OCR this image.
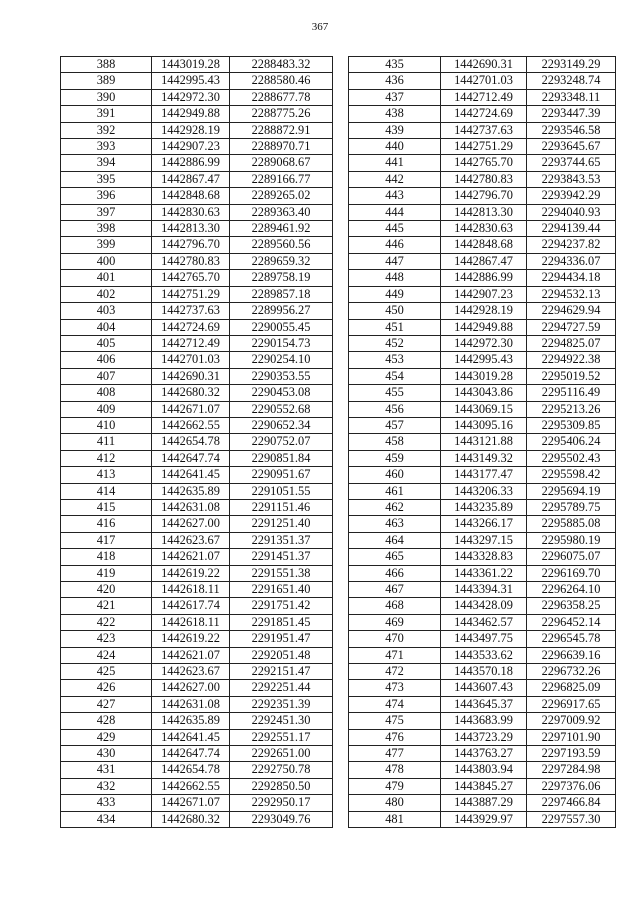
367
388	1443019.28	2288483.32
389	1442995.43	2288580.46
390	1442972.30	2288677.78
391	1442949.88	2288775.26
392	1442928.19	2288872.91
393	1442907.23	2288970.71
394	1442886.99	2289068.67
395	1442867.47	2289166.77
396	1442848.68	2289265.02
397	1442830.63	2289363.40
398	1442813.30	2289461.92
399	1442796.70	2289560.56
400	1442780.83	2289659.32
401	1442765.70	2289758.19
402	1442751.29	2289857.18
403	1442737.63	2289956.27
404	1442724.69	2290055.45
405	1442712.49	2290154.73
406	1442701.03	2290254.10
407	1442690.31	2290353.55
408	1442680.32	2290453.08
409	1442671.07	2290552.68
410	1442662.55	2290652.34
411	1442654.78	2290752.07
412	1442647.74	2290851.84
413	1442641.45	2290951.67
414	1442635.89	2291051.55
415	1442631.08	2291151.46
416	1442627.00	2291251.40
417	1442623.67	2291351.37
418	1442621.07	2291451.37
419	1442619.22	2291551.38
420	1442618.11	2291651.40
421	1442617.74	2291751.42
422	1442618.11	2291851.45
423	1442619.22	2291951.47
424	1442621.07	2292051.48
425	1442623.67	2292151.47
426	1442627.00	2292251.44
427	1442631.08	2292351.39
428	1442635.89	2292451.30
429	1442641.45	2292551.17
430	1442647.74	2292651.00
431	1442654.78	2292750.78
432	1442662.55	2292850.50
433	1442671.07	2292950.17
434	1442680.32	2293049.76
435	1442690.31	2293149.29
436	1442701.03	2293248.74
437	1442712.49	2293348.11
438	1442724.69	2293447.39
439	1442737.63	2293546.58
440	1442751.29	2293645.67
441	1442765.70	2293744.65
442	1442780.83	2293843.53
443	1442796.70	2293942.29
444	1442813.30	2294040.93
445	1442830.63	2294139.44
446	1442848.68	2294237.82
447	1442867.47	2294336.07
448	1442886.99	2294434.18
449	1442907.23	2294532.13
450	1442928.19	2294629.94
451	1442949.88	2294727.59
452	1442972.30	2294825.07
453	1442995.43	2294922.38
454	1443019.28	2295019.52
455	1443043.86	2295116.49
456	1443069.15	2295213.26
457	1443095.16	2295309.85
458	1443121.88	2295406.24
459	1443149.32	2295502.43
460	1443177.47	2295598.42
461	1443206.33	2295694.19
462	1443235.89	2295789.75
463	1443266.17	2295885.08
464	1443297.15	2295980.19
465	1443328.83	2296075.07
466	1443361.22	2296169.70
467	1443394.31	2296264.10
468	1443428.09	2296358.25
469	1443462.57	2296452.14
470	1443497.75	2296545.78
471	1443533.62	2296639.16
472	1443570.18	2296732.26
473	1443607.43	2296825.09
474	1443645.37	2296917.65
475	1443683.99	2297009.92
476	1443723.29	2297101.90
477	1443763.27	2297193.59
478	1443803.94	2297284.98
479	1443845.27	2297376.06
480	1443887.29	2297466.84
481	1443929.97	2297557.30
